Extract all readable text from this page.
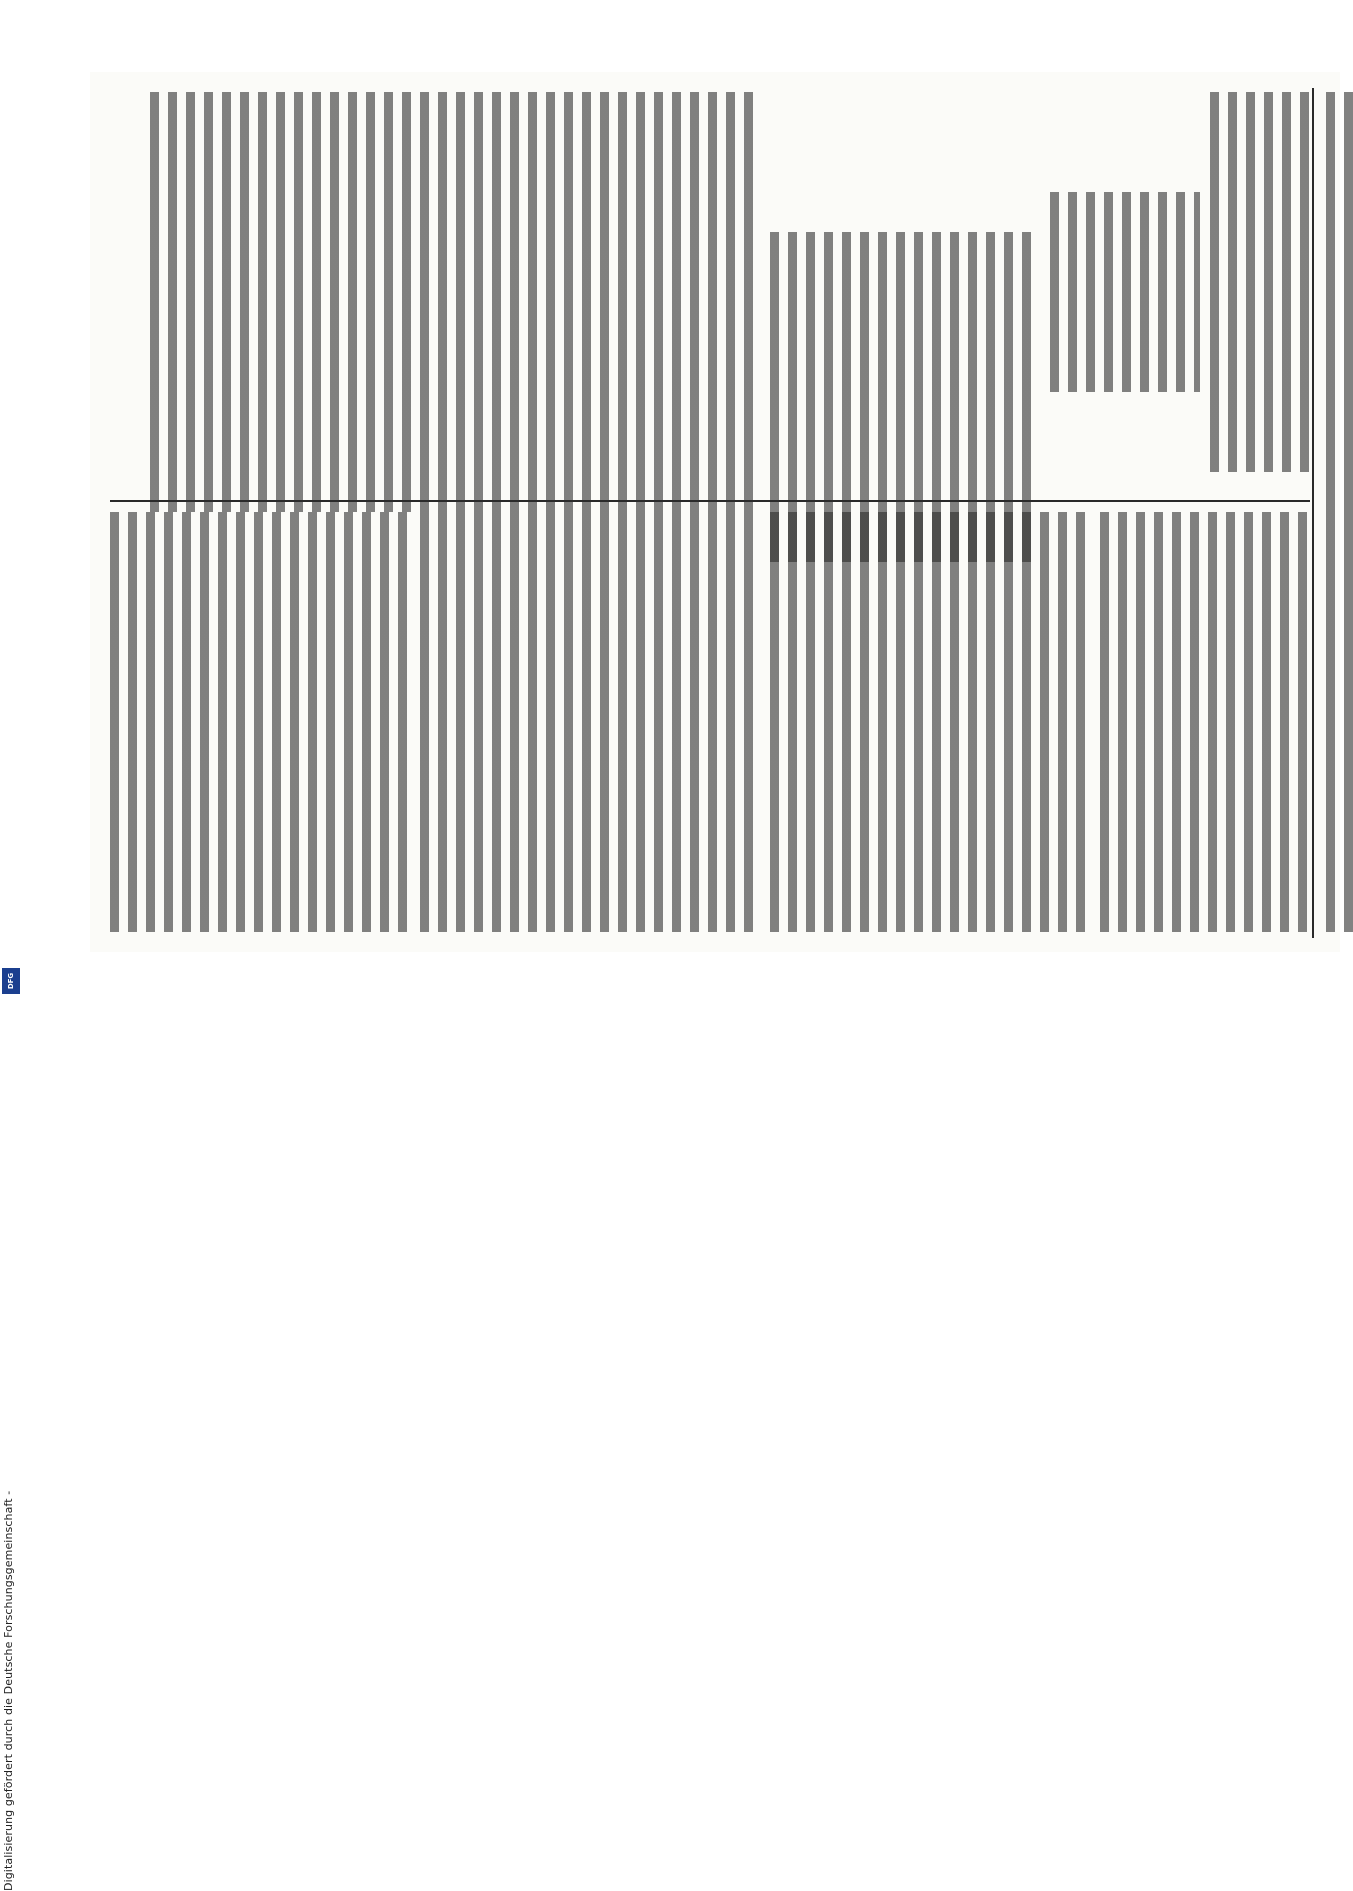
Digitalisierung gefördert durch die Deutsche Forschungsgemeinschaft -
DFG
